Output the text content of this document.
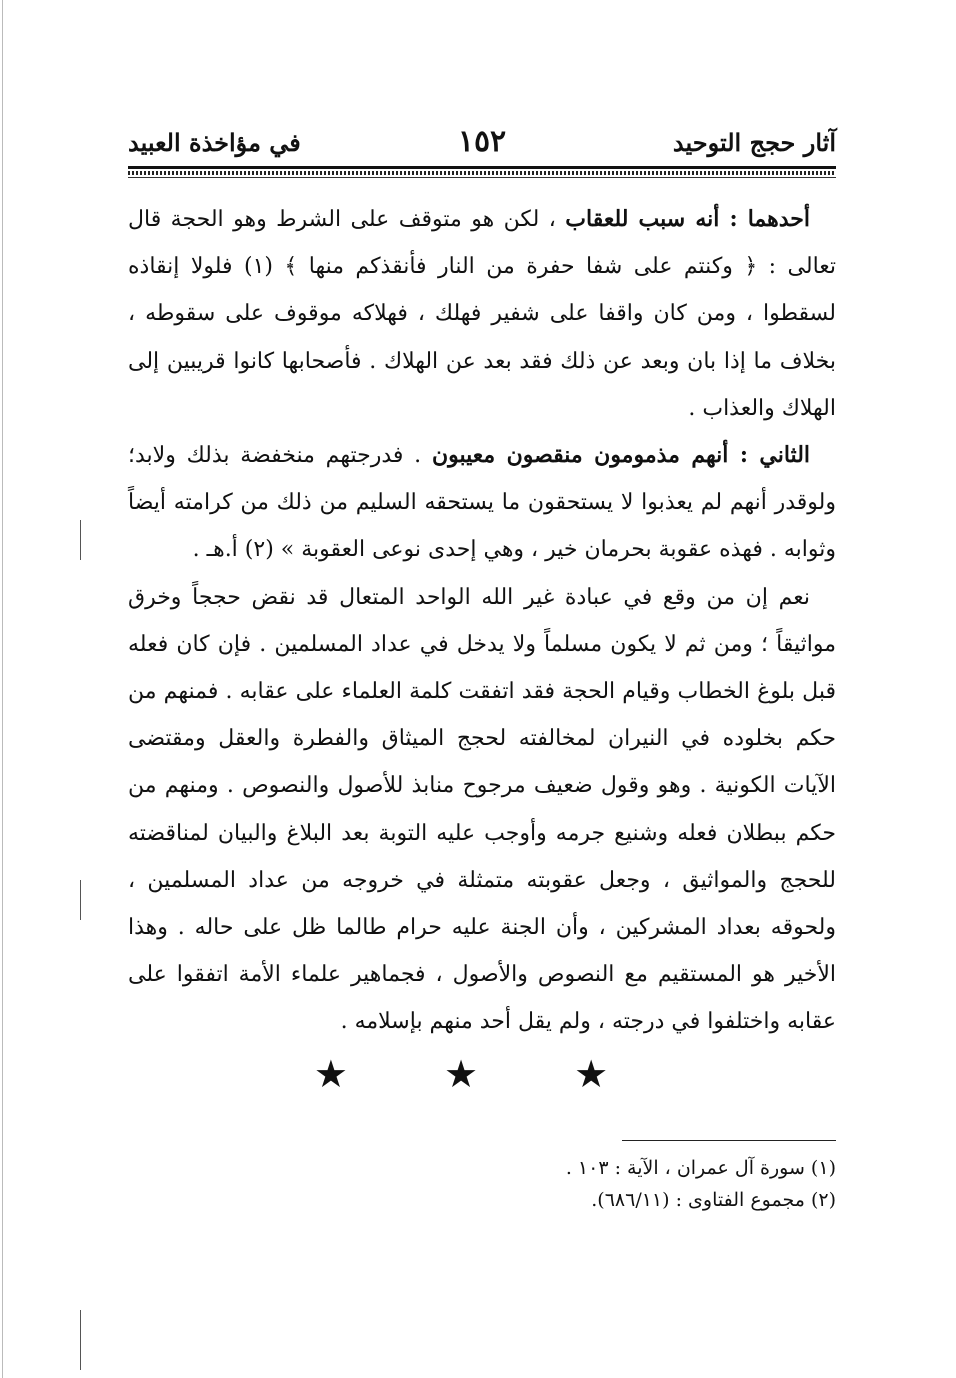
آثار حجج التوحيد
١٥٢
في مؤاخذة العبيد

أحدهما : أنه سبب للعقاب ، لكن هو متوقف على الشرط وهو الحجة قال تعالى : ﴿ وكنتم على شفا حفرة من النار فأنقذكم منها ﴾ (١) فلولا إنقاذه لسقطوا ، ومن كان واقفا على شفير فهلك ، فهلاكه موقوف على سقوطه ، بخلاف ما إذا بان وبعد عن ذلك فقد بعد عن الهلاك . فأصحابها كانوا قريبين إلى الهلاك والعذاب .

الثاني : أنهم مذمومون منقصون معيبون . فدرجتهم منخفضة بذلك ولابد؛ ولوقدر أنهم لم يعذبوا لا يستحقون ما يستحقه السليم من ذلك من كرامته أيضاً وثوابه . فهذه عقوبة بحرمان خير ، وهي إحدى نوعى العقوبة » (٢) أ.هـ .

نعم إن من وقع في عبادة غير الله الواحد المتعال قد نقض حججاً وخرق مواثيقاً ؛ ومن ثم لا يكون مسلماً ولا يدخل في عداد المسلمين . فإن كان فعله قبل بلوغ الخطاب وقيام الحجة فقد اتفقت كلمة العلماء على عقابه . فمنهم من حكم بخلوده في النيران لمخالفته لحجج الميثاق والفطرة والعقل ومقتضى الآيات الكونية . وهو وقول ضعيف مرجوح منابذ للأصول والنصوص . ومنهم من حكم ببطلان فعله وشنيع جرمه وأوجب عليه التوبة بعد البلاغ والبيان لمناقضته للحجج والمواثيق ، وجعل عقوبته متمثلة في خروجه من عداد المسلمين ، ولحوقه بعداد المشركين ، وأن الجنة عليه حرام طالما ظل على حاله . وهذا الأخير هو المستقيم مع النصوص والأصول ، فجماهير علماء الأمة اتفقوا على عقابه واختلفوا في درجته ، ولم يقل أحد منهم بإسلامه .

★ ★ ★
(١) سورة آل عمران ، الآية : ١٠٣ .
(٢) مجموع الفتاوى : (٦٨٦/١١).
